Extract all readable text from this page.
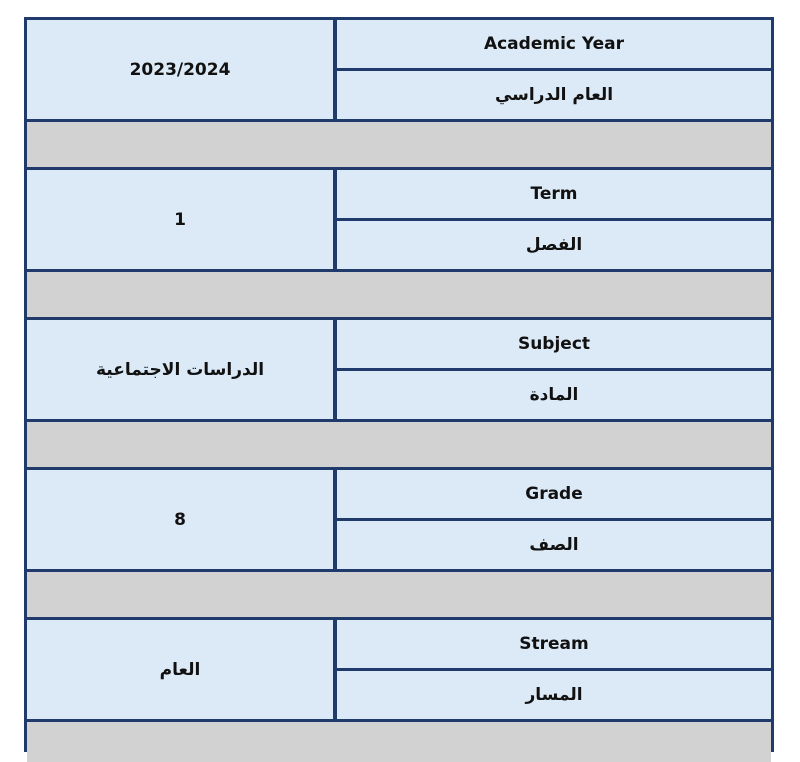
2023/2024
Academic Year
العام الدراسي
1
Term
الفصل
الدراسات الاجتماعية
Subject
المادة
8
Grade
الصف
العام
Stream
المسار
